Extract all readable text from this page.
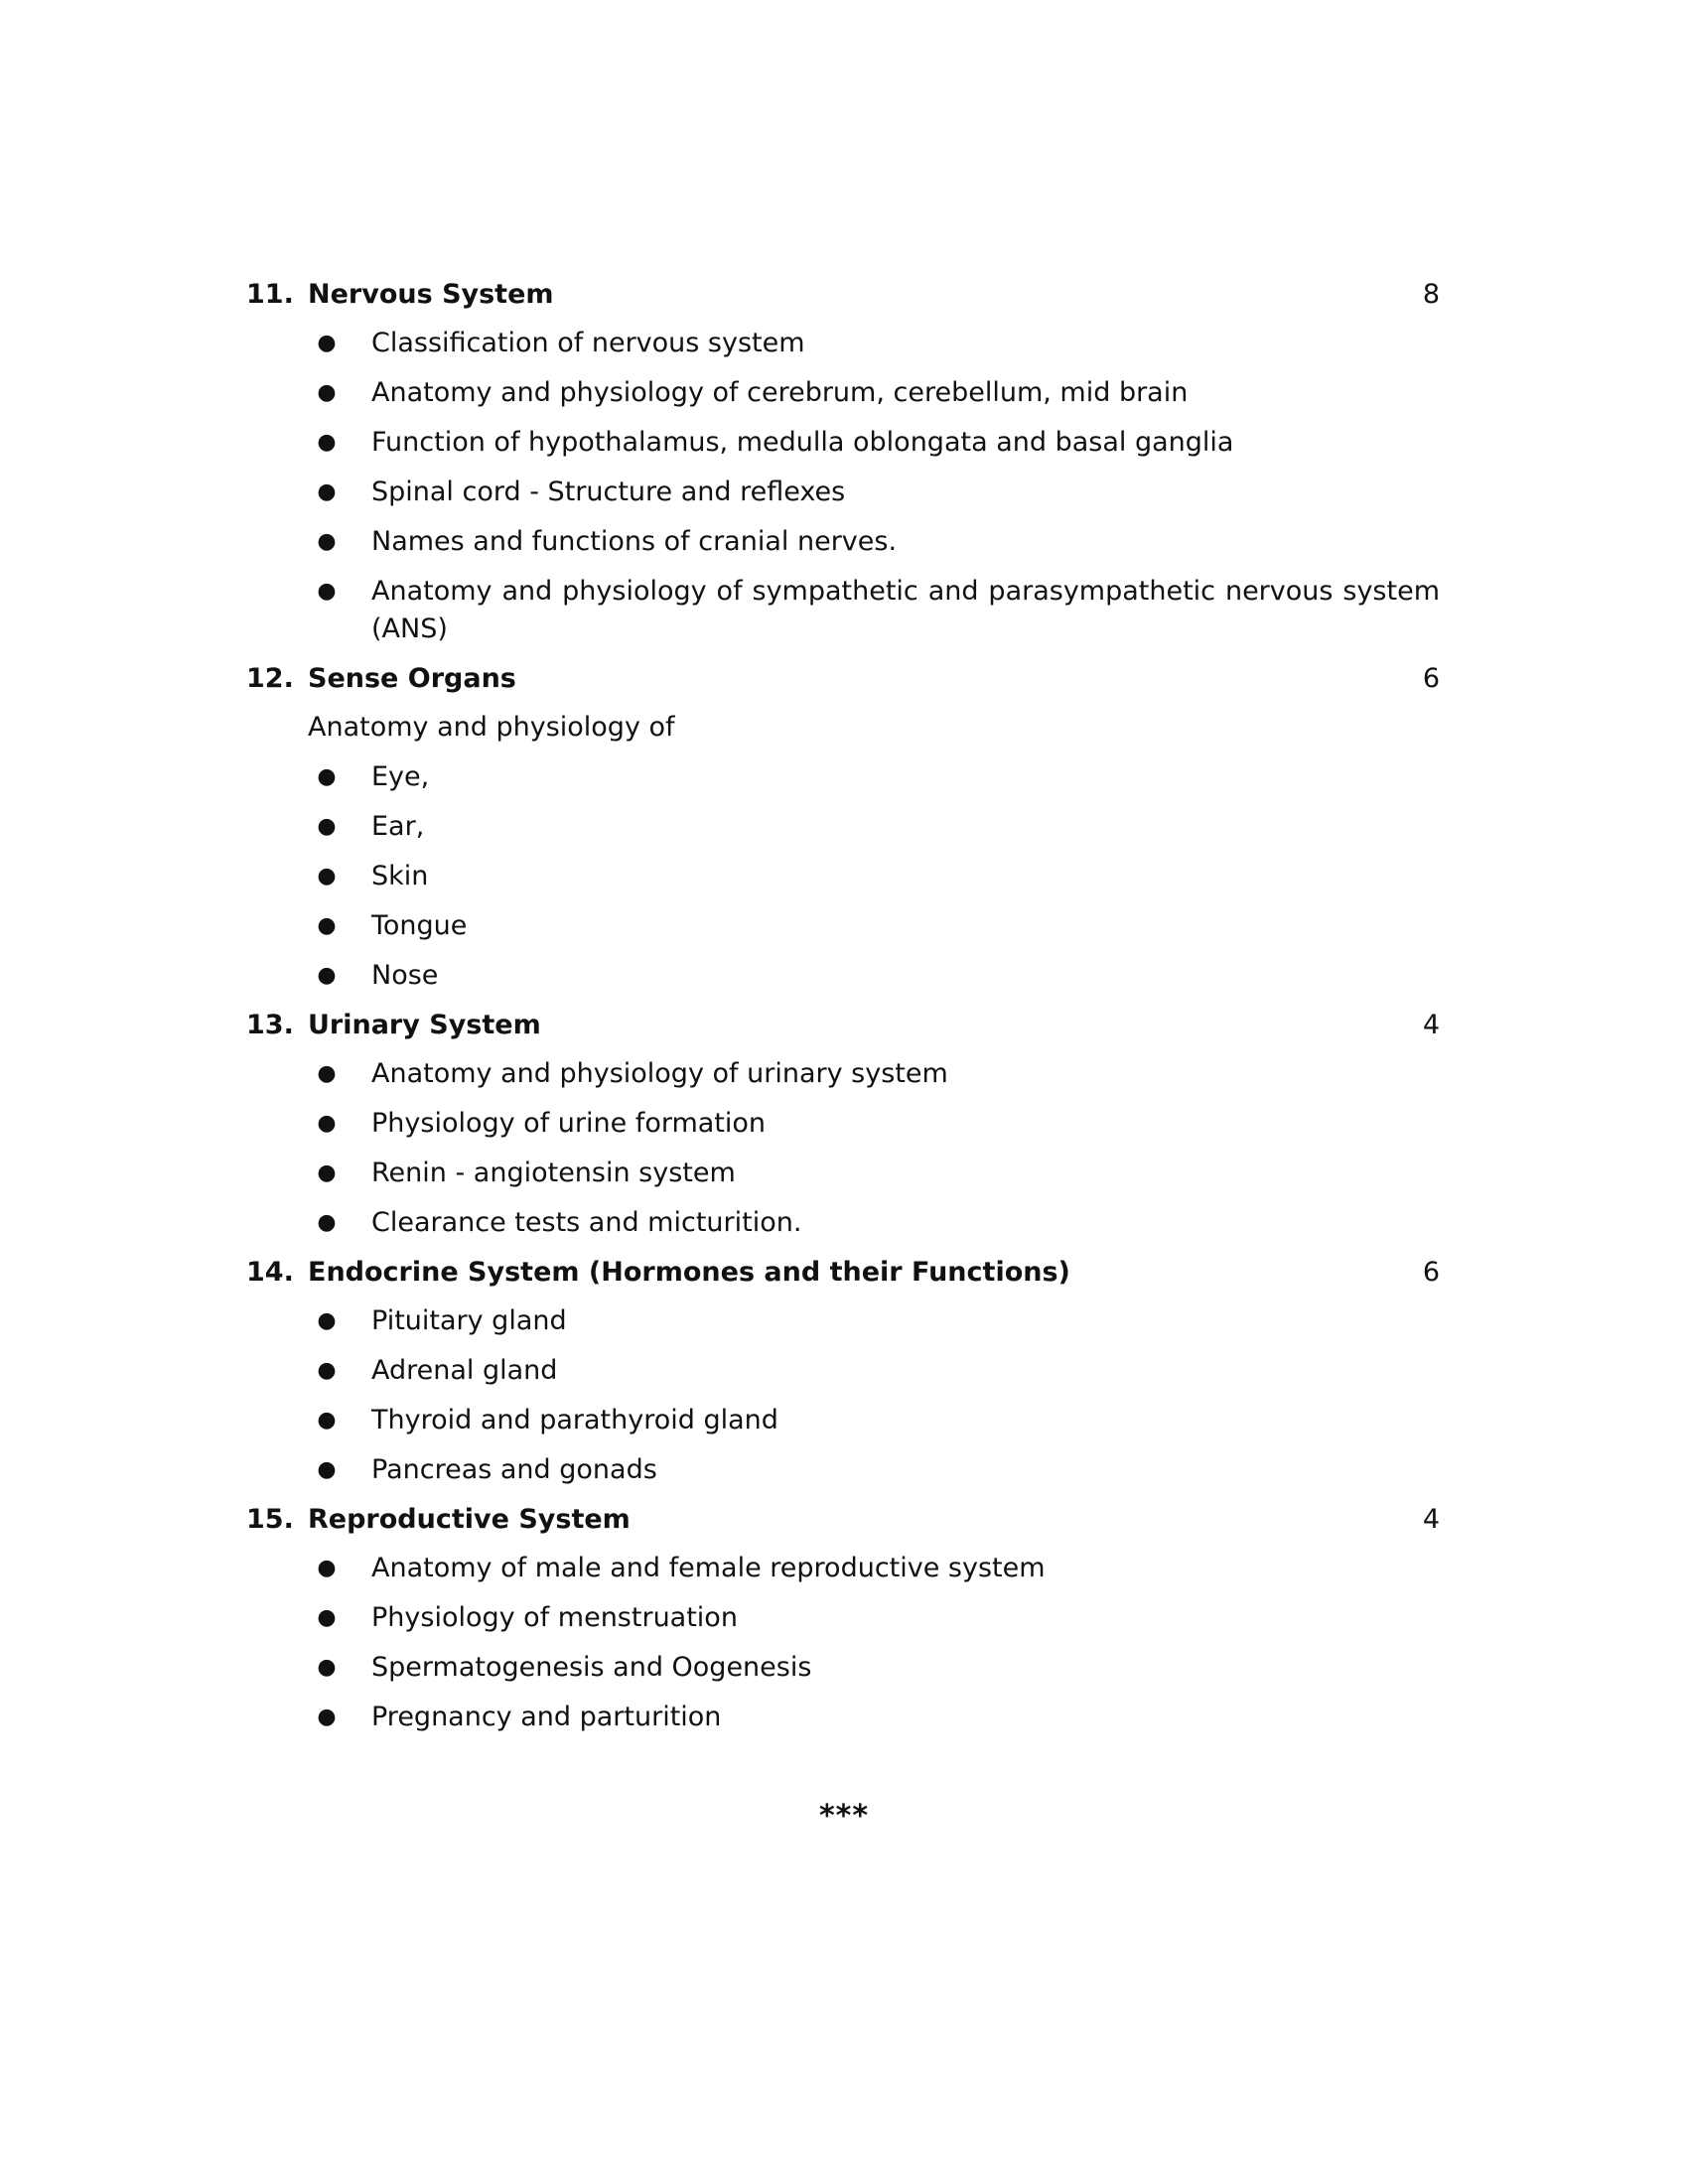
11. Nervous System	8
● Classification of nervous system
● Anatomy and physiology of cerebrum, cerebellum, mid brain
● Function of hypothalamus, medulla oblongata and basal ganglia
● Spinal cord - Structure and reflexes
● Names and functions of cranial nerves.
● Anatomy and physiology of sympathetic and parasympathetic nervous system (ANS)
12. Sense Organs	6
Anatomy and physiology of
● Eye,
● Ear,
● Skin
● Tongue
● Nose
13. Urinary System	4
● Anatomy and physiology of urinary system
● Physiology of urine formation
● Renin - angiotensin system
● Clearance tests and micturition.
14. Endocrine System (Hormones and their Functions)	6
● Pituitary gland
● Adrenal gland
● Thyroid and parathyroid gland
● Pancreas and gonads
15. Reproductive System	4
● Anatomy of male and female reproductive system
● Physiology of menstruation
● Spermatogenesis and Oogenesis
● Pregnancy and parturition
***
